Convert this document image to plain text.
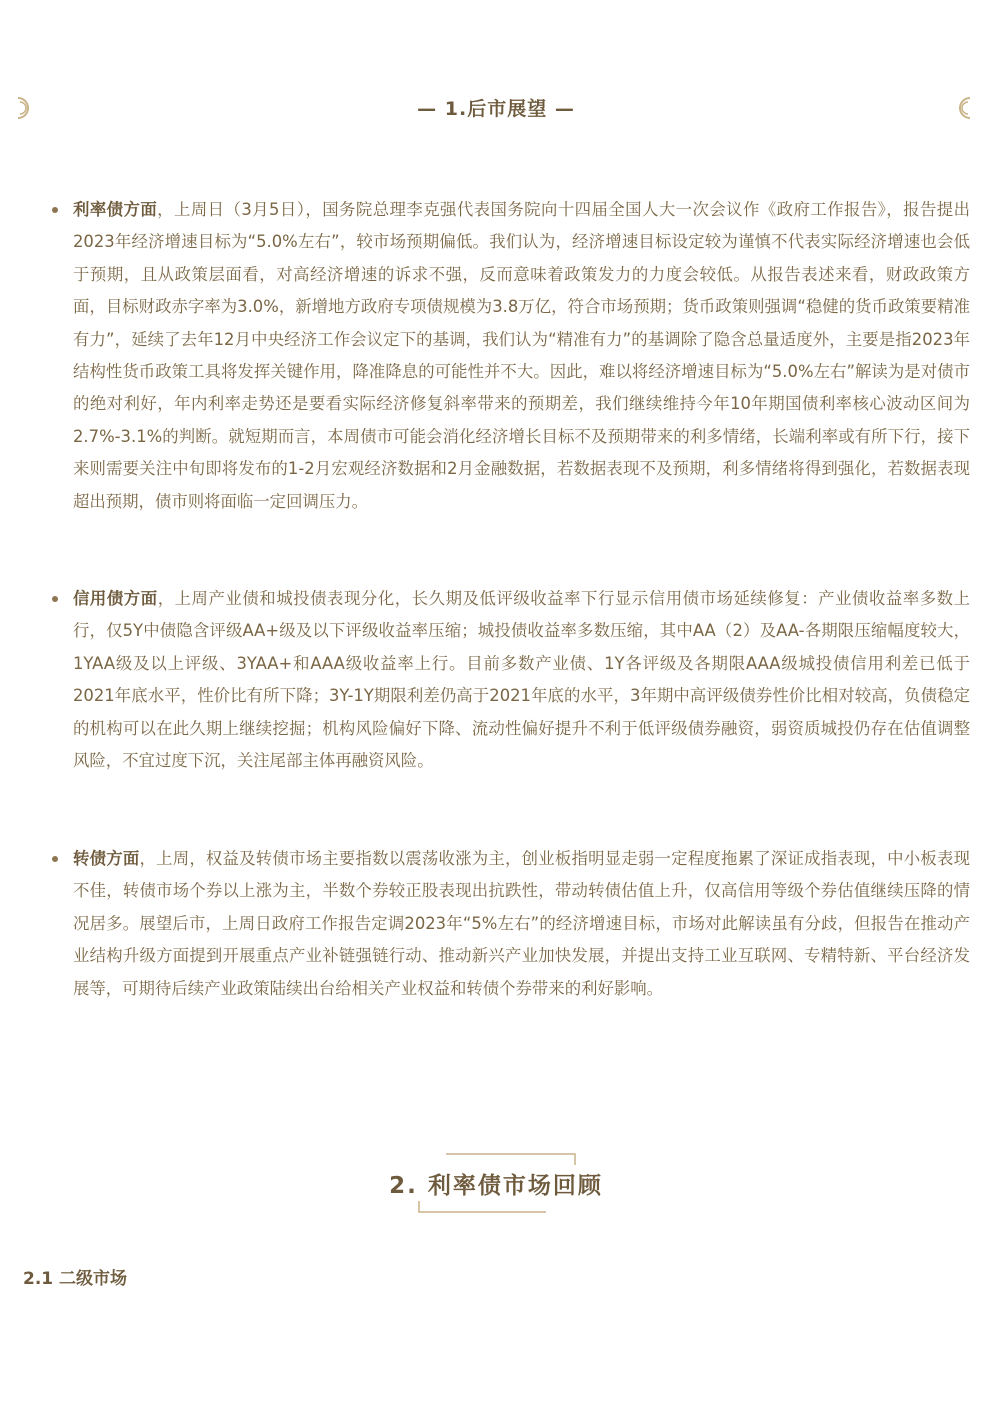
— 1.后市展望 —
利率债方面，上周日（3月5日），国务院总理李克强代表国务院向十四届全国人大一次会议作《政府工作报告》，报告提出2023年经济增速目标为“5.0%左右”，较市场预期偏低。我们认为，经济增速目标设定较为谨慎不代表实际经济增速也会低于预期，且从政策层面看，对高经济增速的诉求不强，反而意味着政策发力的力度会较低。从报告表述来看，财政政策方面，目标财政赤字率为3.0%，新增地方政府专项债规模为3.8万亿，符合市场预期；货币政策则强调“稳健的货币政策要精准有力”，延续了去年12月中央经济工作会议定下的基调，我们认为“精准有力”的基调除了隐含总量适度外，主要是指2023年结构性货币政策工具将发挥关键作用，降准降息的可能性并不大。因此，难以将经济增速目标为“5.0%左右”解读为是对债市的绝对利好，年内利率走势还是要看实际经济修复斜率带来的预期差，我们继续维持今年10年期国债利率核心波动区间为2.7%-3.1%的判断。就短期而言，本周债市可能会消化经济增长目标不及预期带来的利多情绪，长端利率或有所下行，接下来则需要关注中旬即将发布的1-2月宏观经济数据和2月金融数据，若数据表现不及预期，利多情绪将得到强化，若数据表现超出预期，债市则将面临一定回调压力。
信用债方面，上周产业债和城投债表现分化，长久期及低评级收益率下行显示信用债市场延续修复：产业债收益率多数上行，仅5Y中债隐含评级AA+级及以下评级收益率压缩；城投债收益率多数压缩，其中AA（2）及AA-各期限压缩幅度较大，1YAA级及以上评级、3YAA+和AAA级收益率上行。目前多数产业债、1Y各评级及各期限AAA级城投债信用利差已低于2021年底水平，性价比有所下降；3Y-1Y期限利差仍高于2021年底的水平，3年期中高评级债券性价比相对较高，负债稳定的机构可以在此久期上继续挖掘；机构风险偏好下降、流动性偏好提升不利于低评级债券融资，弱资质城投仍存在估值调整风险，不宜过度下沉，关注尾部主体再融资风险。
转债方面，上周，权益及转债市场主要指数以震荡收涨为主，创业板指明显走弱一定程度拖累了深证成指表现，中小板表现不佳，转债市场个券以上涨为主，半数个券较正股表现出抗跌性，带动转债估值上升，仅高信用等级个券估值继续压降的情况居多。展望后市，上周日政府工作报告定调2023年“5%左右”的经济增速目标，市场对此解读虽有分歧，但报告在推动产业结构升级方面提到开展重点产业补链强链行动、推动新兴产业加快发展，并提出支持工业互联网、专精特新、平台经济发展等，可期待后续产业政策陆续出台给相关产业权益和转债个券带来的利好影响。
2. 利率债市场回顾
2.1 二级市场
